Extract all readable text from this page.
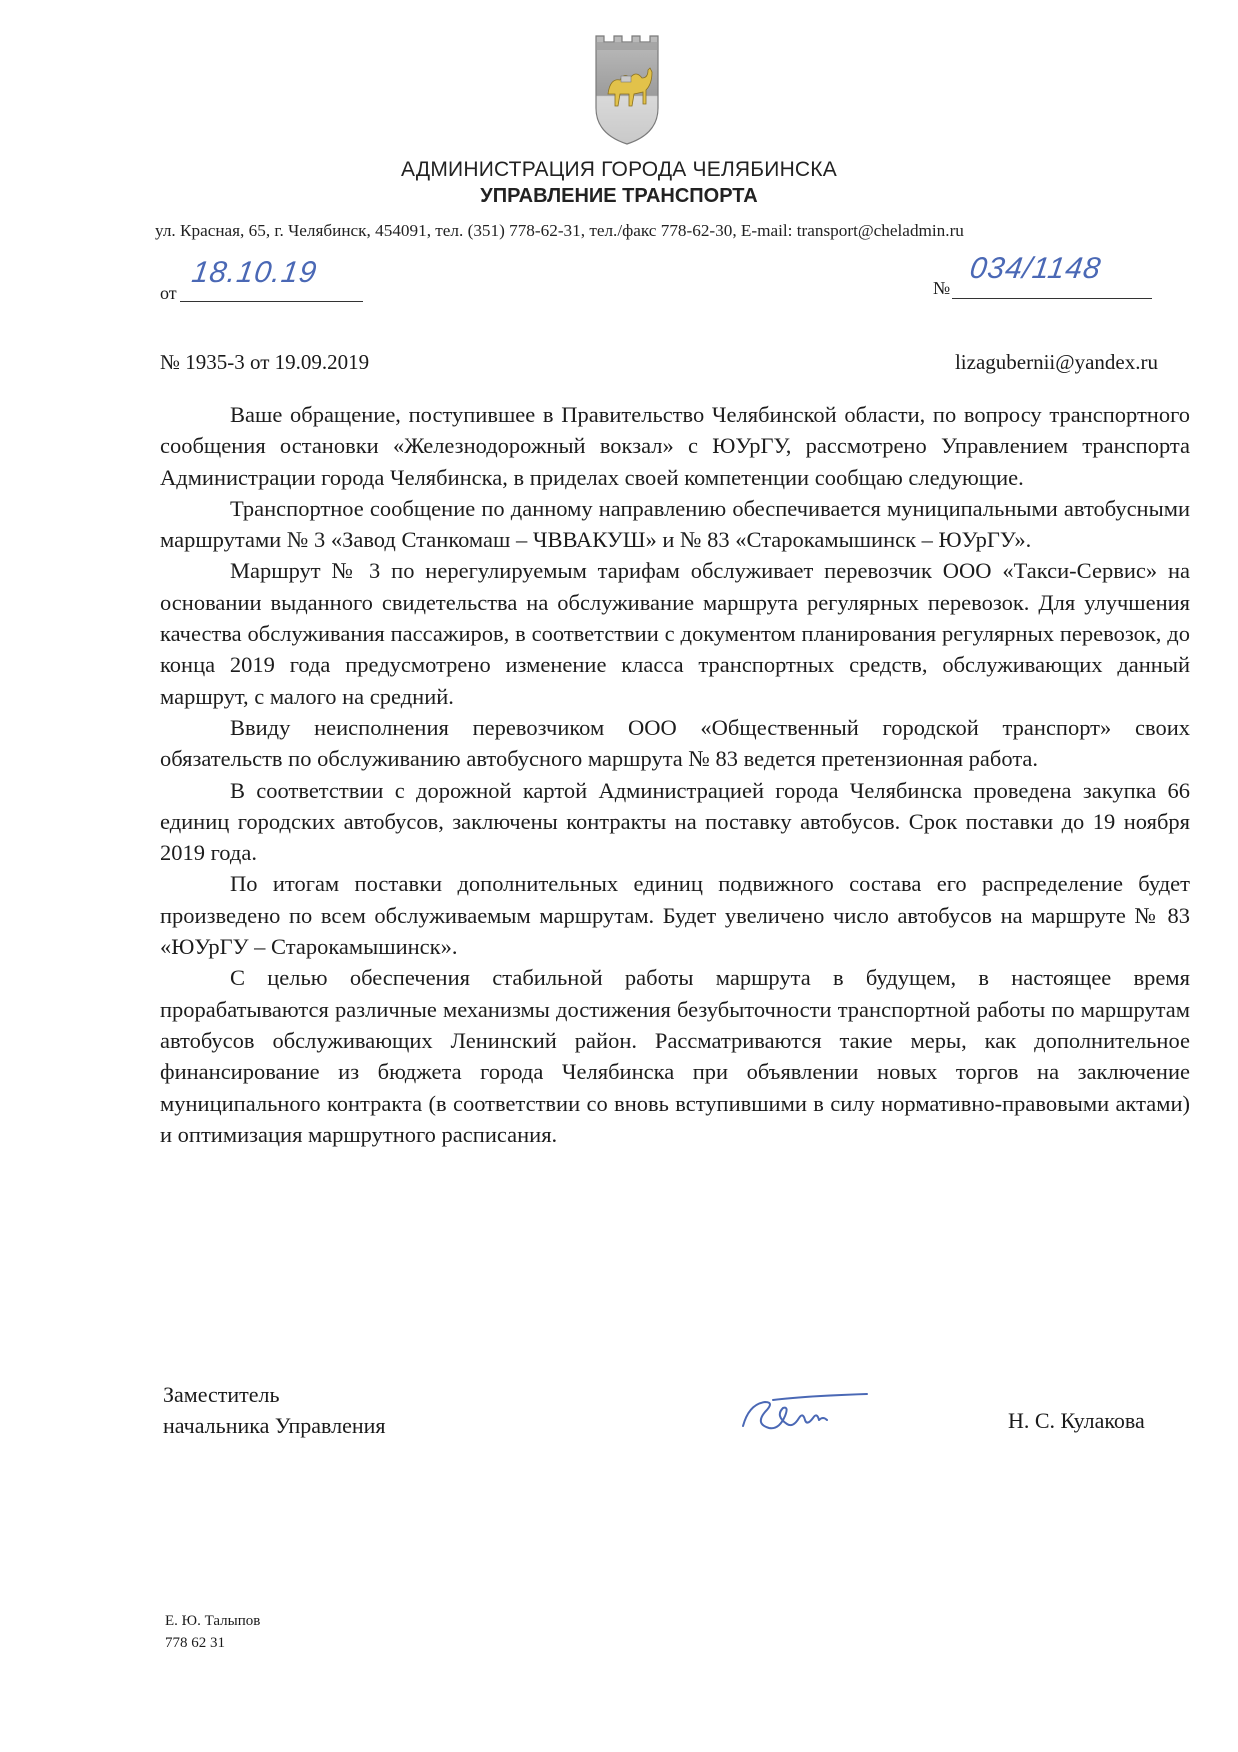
АДМИНИСТРАЦИЯ ГОРОДА ЧЕЛЯБИНСКА
УПРАВЛЕНИЕ ТРАНСПОРТА
ул. Красная, 65, г. Челябинск, 454091, тел. (351) 778-62-31, тел./факс 778-62-30, E-mail: transport@cheladmin.ru
от
18.10.19	№
034/1148
№ 1935-3 от 19.09.2019	lizagubernii@yandex.ru

Ваше обращение, поступившее в Правительство Челябинской области, по вопросу транспортного сообщения остановки «Железнодорожный вокзал» с ЮУрГУ, рассмотрено Управлением транспорта Администрации города Челябинска, в приделах своей компетенции сообщаю следующие.

Транспортное сообщение по данному направлению обеспечивается муниципальными автобусными маршрутами № 3 «Завод Станкомаш – ЧВВАКУШ» и № 83 «Старокамышинск – ЮУрГУ».

Маршрут № 3 по нерегулируемым тарифам обслуживает перевозчик ООО «Такси-Сервис» на основании выданного свидетельства на обслуживание маршрута регулярных перевозок. Для улучшения качества обслуживания пассажиров, в соответствии с документом планирования регулярных перевозок, до конца 2019 года предусмотрено изменение класса транспортных средств, обслуживающих данный маршрут, с малого на средний.

Ввиду неисполнения перевозчиком ООО «Общественный городской транспорт» своих обязательств по обслуживанию автобусного маршрута № 83 ведется претензионная работа.

В соответствии с дорожной картой Администрацией города Челябинска проведена закупка 66 единиц городских автобусов, заключены контракты на поставку автобусов. Срок поставки до 19 ноября 2019 года.

По итогам поставки дополнительных единиц подвижного состава его распределение будет произведено по всем обслуживаемым маршрутам. Будет увеличено число автобусов на маршруте № 83 «ЮУрГУ – Старокамышинск».

С целью обеспечения стабильной работы маршрута в будущем, в настоящее время прорабатываются различные механизмы достижения безубыточности транспортной работы по маршрутам автобусов обслуживающих Ленинский район. Рассматриваются такие меры, как дополнительное финансирование из бюджета города Челябинска при объявлении новых торгов на заключение муниципального контракта (в соответствии со вновь вступившими в силу нормативно-правовыми актами) и оптимизация маршрутного расписания.

Заместитель
начальника Управления	Н. С. Кулакова
Е. Ю. Талыпов
778 62 31
